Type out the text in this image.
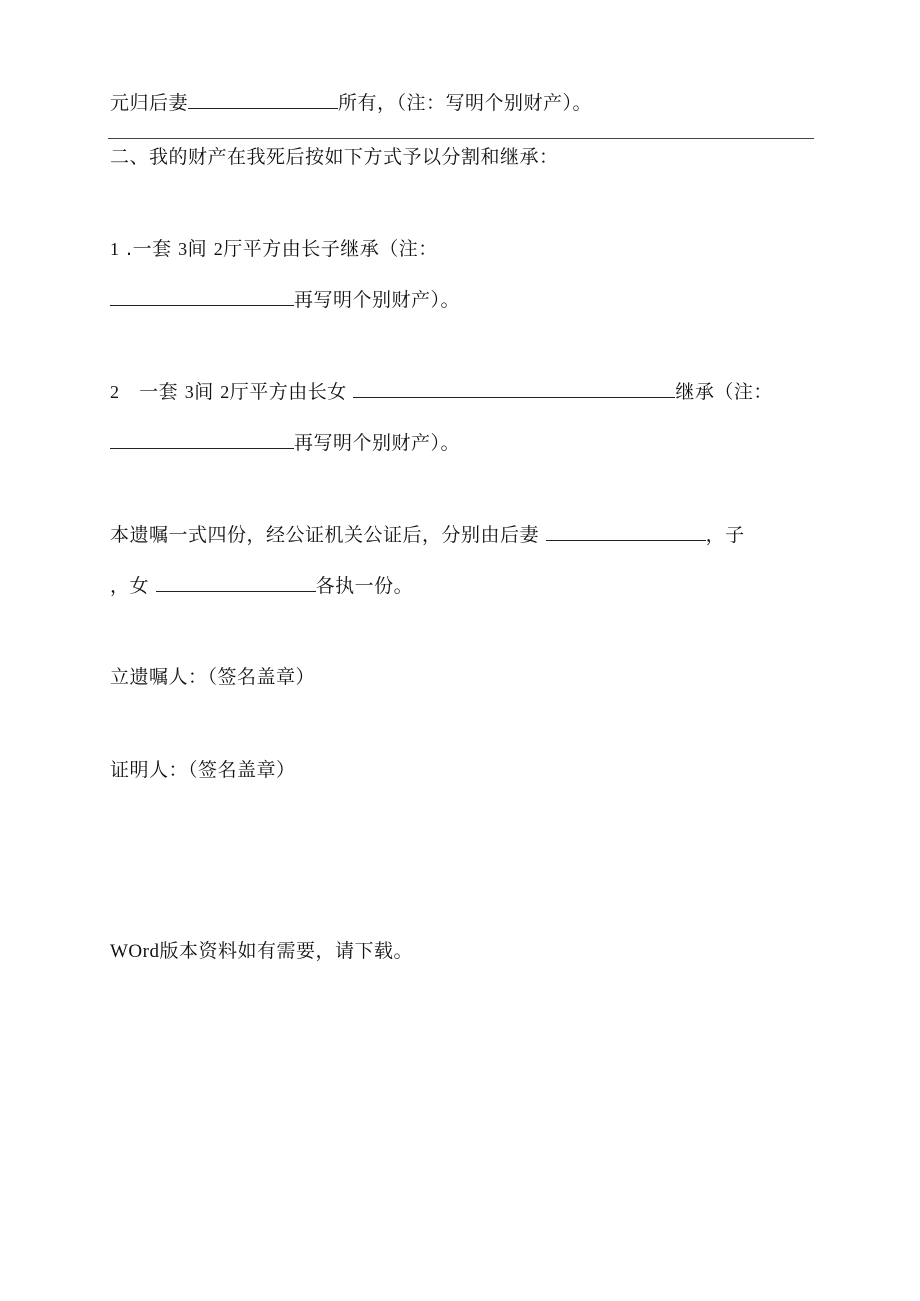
元归后妻	所有，（注：写明个别财产）。
二、我的财产在我死后按如下方式予以分割和继承：
1 .一套 3间 2厅平方由长子继承（注：
再写明个别财产）。
2 一套 3间 2厅平方由长女	继承（注：
再写明个别财产）。
本遗嘱一式四份，经公证机关公证后，分别由后妻	，子
，女	各执一份。
立遗嘱人：（签名盖章）
证明人：（签名盖章）
WOrd版本资料如有需要，请下载。
